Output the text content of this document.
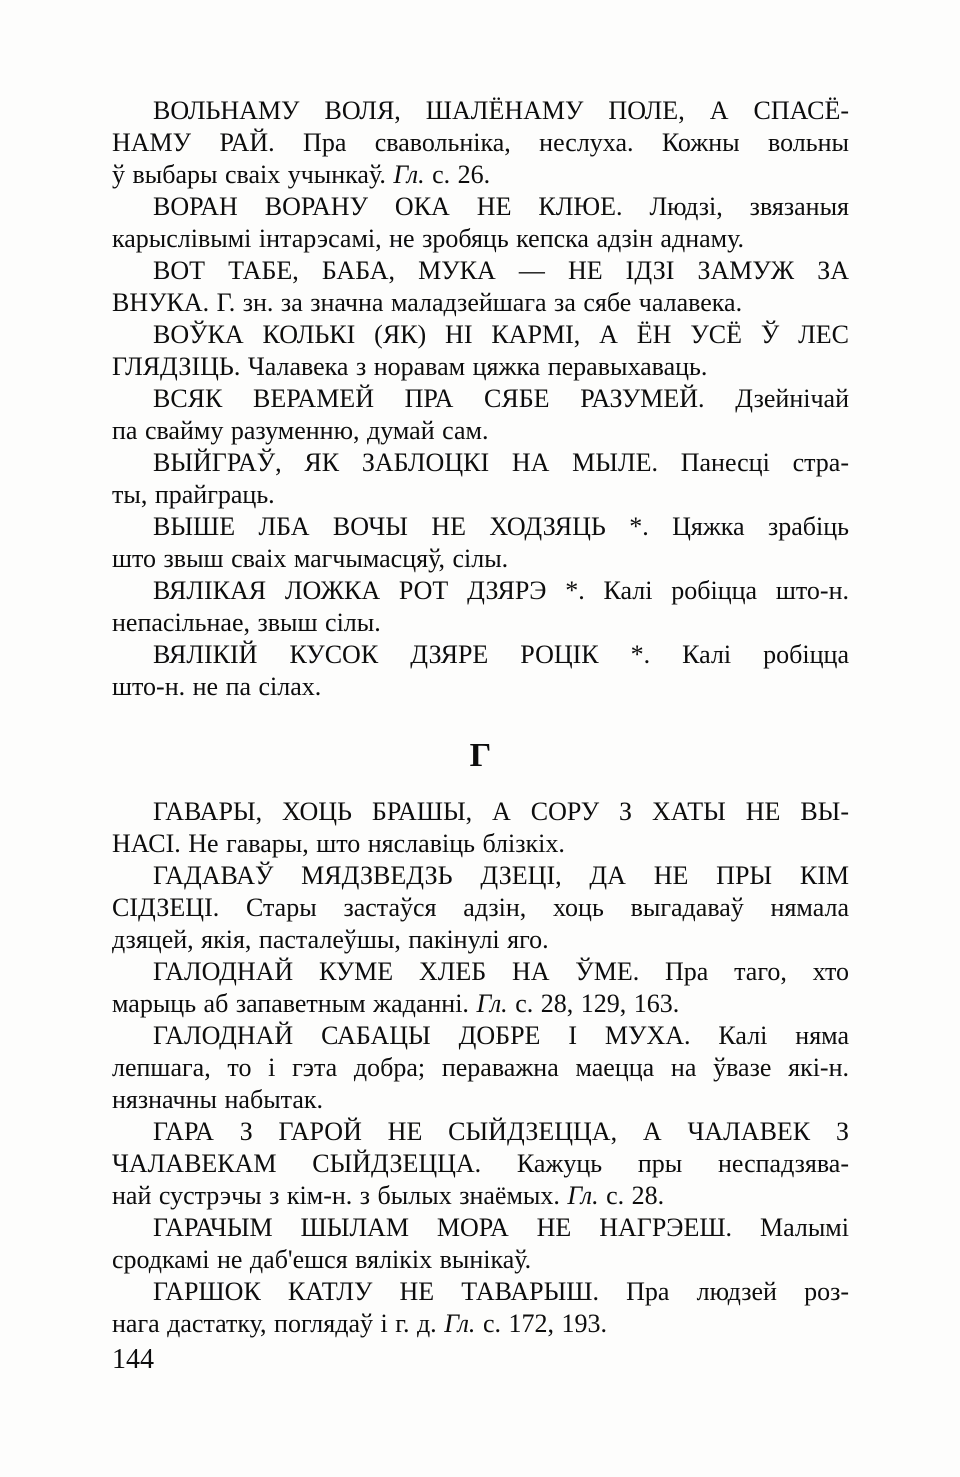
ВОЛЬНАМУ ВОЛЯ, ШАЛЁНАМУ ПОЛЕ, А СПАСЁ-
НАМУ РАЙ. Пра свавольніка, неслуха. Кожны вольны
ў выбары сваіх учынкаў. Гл. с. 26.
ВОРАН ВОРАНУ ОКА НЕ КЛЮЕ. Людзі, звязаныя
карыслівымі інтарэсамі, не зробяць кепска адзін аднаму.
ВОТ ТАБЕ, БАБА, МУКА — НЕ ІДЗІ ЗАМУЖ ЗА
ВНУКА. Г. зн. за значна маладзейшага за сябе чалавека.
ВОЎКА КОЛЬКІ (ЯК) НІ КАРМІ, А ЁН УСЁ Ў ЛЕС
ГЛЯДЗІЦЬ. Чалавека з норавам цяжка перавыхаваць.
ВСЯК ВЕРАМЕЙ ПРА СЯБЕ РАЗУМЕЙ. Дзейнічай
па свайму разуменню, думай сам.
ВЫЙГРАЎ, ЯК ЗАБЛОЦКІ НА МЫЛЕ. Панесці стра-
ты, прайграць.
ВЫШЕ ЛБА ВОЧЫ НЕ ХОДЗЯЦЬ *. Цяжка зрабіць
што звыш сваіх магчымасцяў, сілы.
ВЯЛІКАЯ ЛОЖКА РОТ ДЗЯРЭ *. Калі робіцца што-н.
непасільнае, звыш сілы.
ВЯЛІКІЙ КУСОК ДЗЯРЕ РОЦІК *. Калі робіцца
што-н. не па сілах.
Г
ГАВАРЫ, ХОЦЬ БРАШЫ, А СОРУ З ХАТЫ НЕ ВЫ-
НАСІ. Не гавары, што няславіць блізкіх.
ГАДАВАЎ МЯДЗВЕДЗЬ ДЗЕЦІ, ДА НЕ ПРЫ КІМ
СІДЗЕЦІ. Стары застаўся адзін, хоць выгадаваў нямала
дзяцей, якія, пасталеўшы, пакінулі яго.
ГАЛОДНАЙ КУМЕ ХЛЕБ НА ЎМЕ. Пра таго, хто
марыць аб запаветным жаданні. Гл. с. 28, 129, 163.
ГАЛОДНАЙ САБАЦЫ ДОБРЕ І МУХА. Калі няма
лепшага, то і гэта добра; пераважна маецца на ўвазе які-н.
нязначны набытак.
ГАРА З ГАРОЙ НЕ СЫЙДЗЕЦЦА, А ЧАЛАВЕК З
ЧАЛАВЕКАМ СЫЙДЗЕЦЦА. Кажуць пры неспадзява-
най сустрэчы з кім-н. з былых знаёмых. Гл. с. 28.
ГАРАЧЫМ ШЫЛАМ МОРА НЕ НАГРЭЕШ. Малымі
сродкамі не даб'ешся вялікіх вынікаў.
ГАРШОК КАТЛУ НЕ ТАВАРЫШ. Пра людзей роз-
нага дастатку, поглядаў і г. д. Гл. с. 172, 193.
144
